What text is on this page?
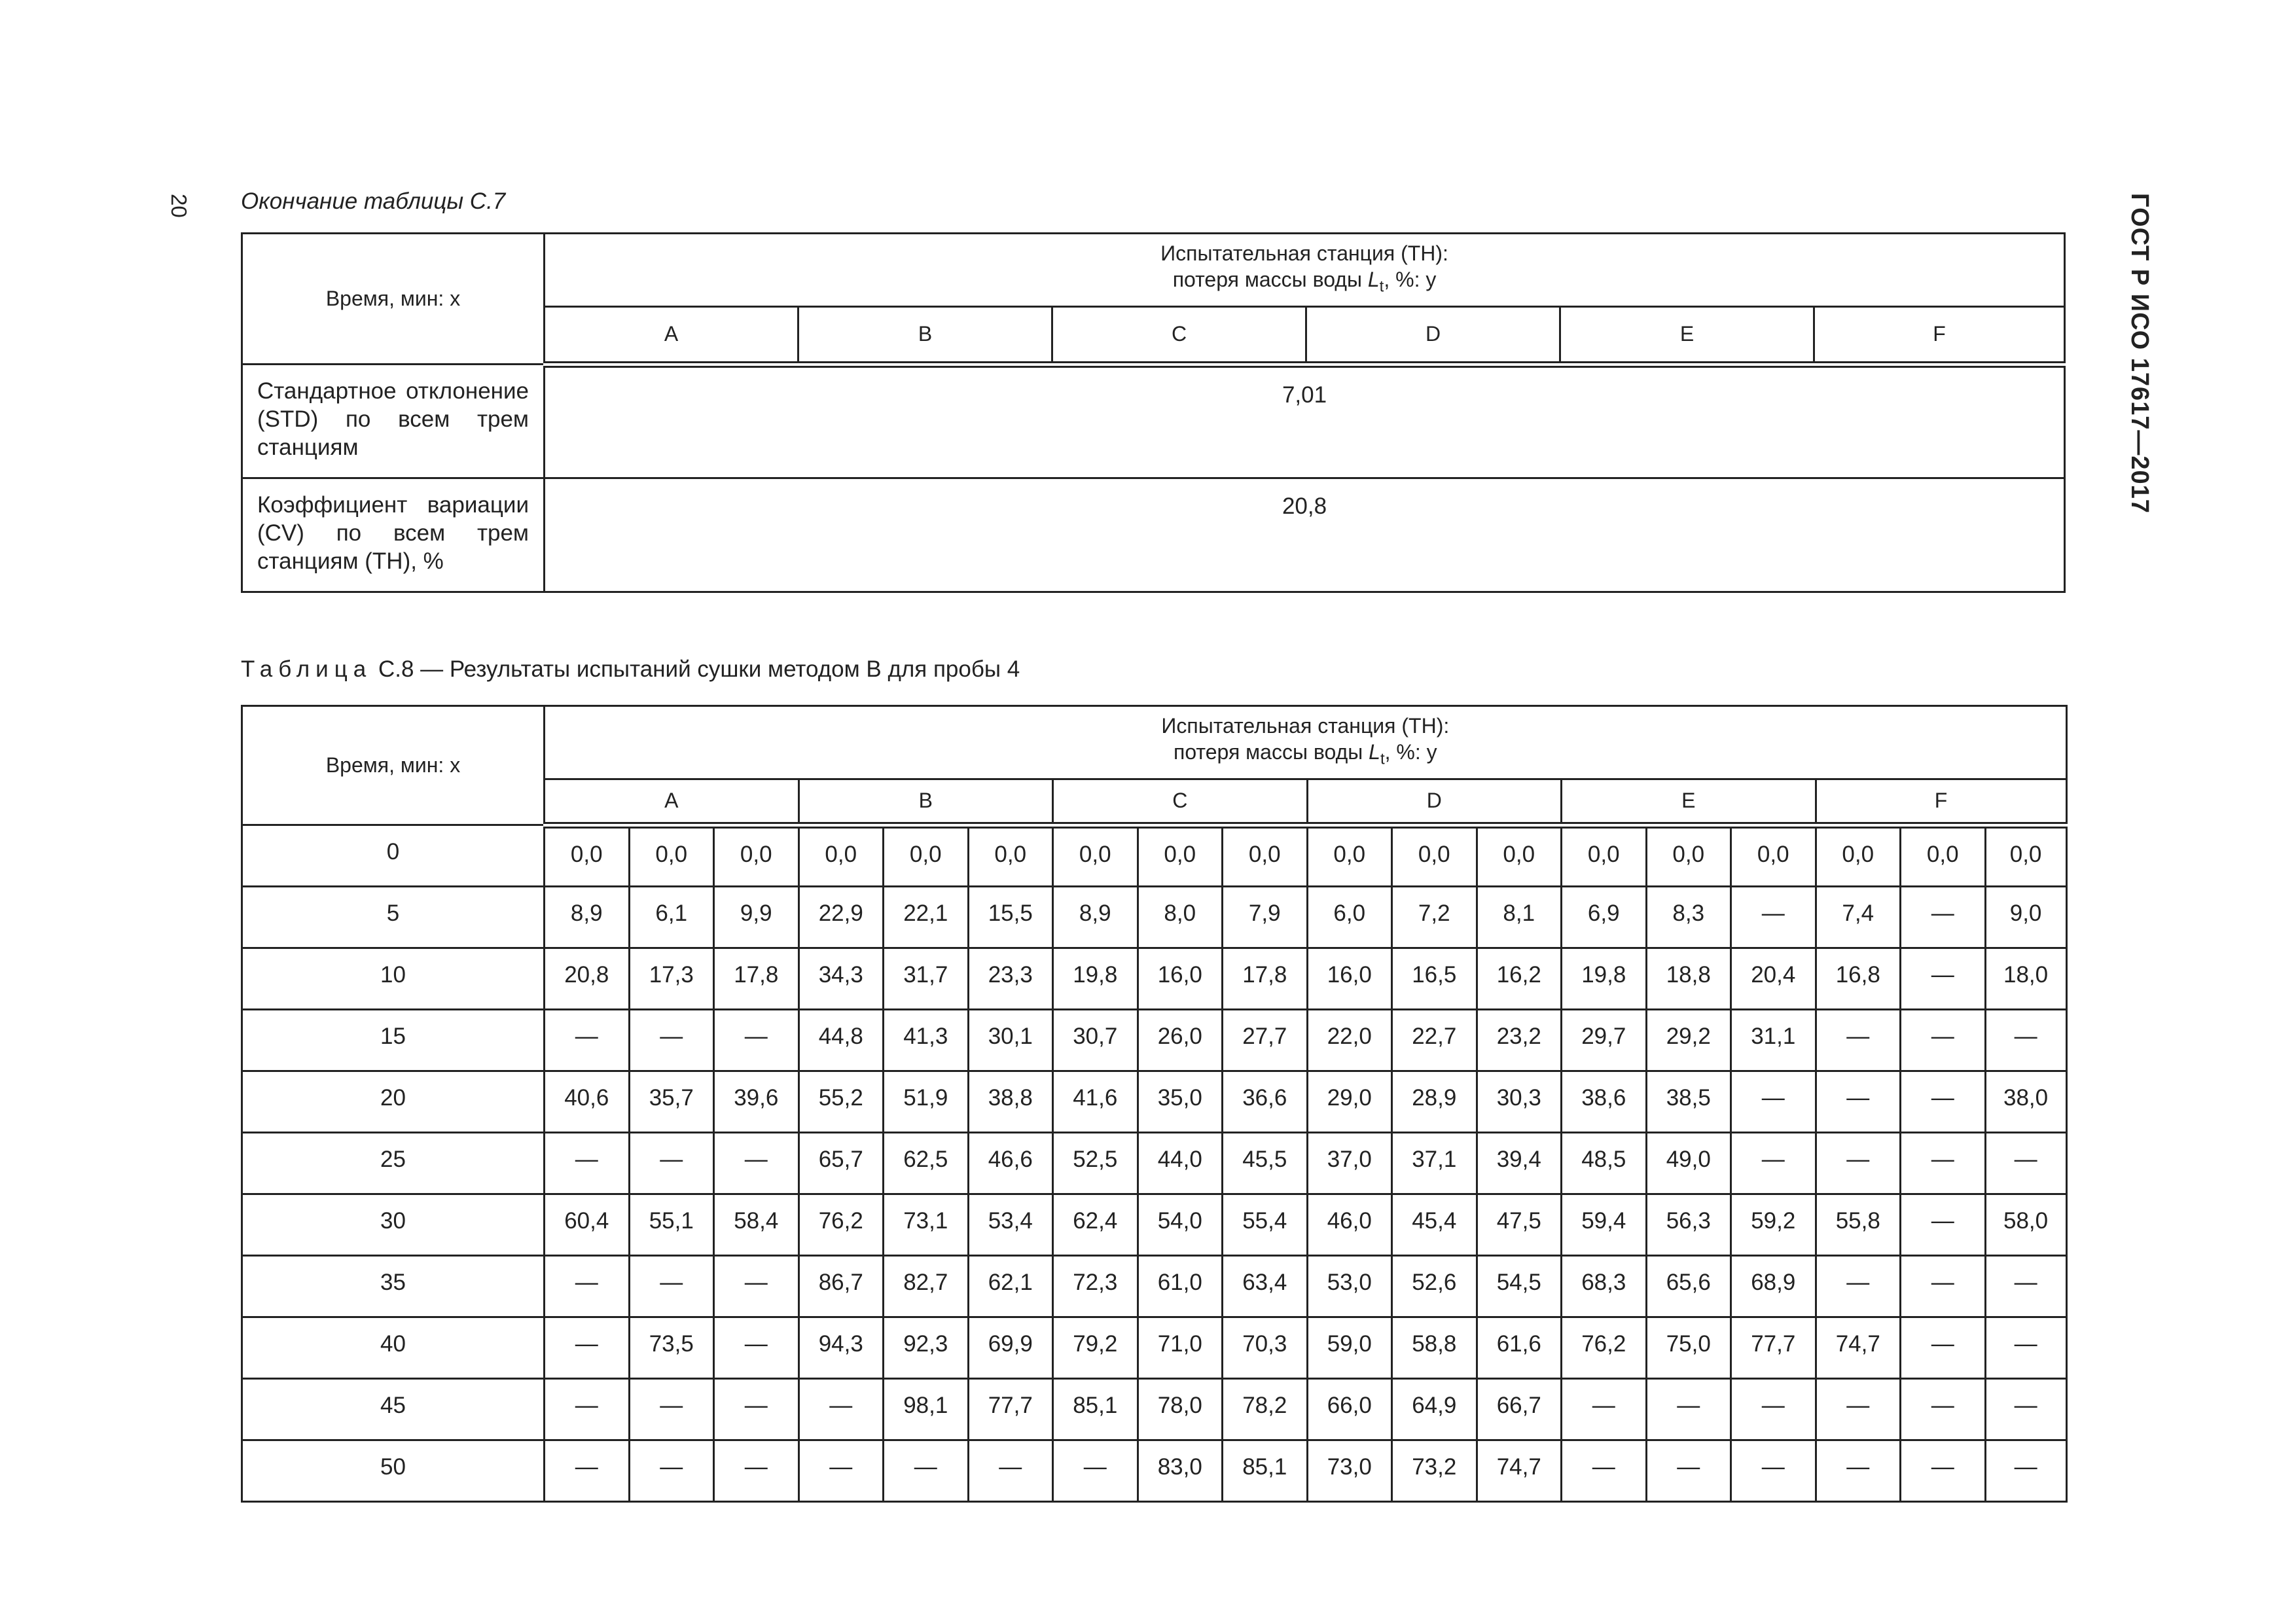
20	ГОСТ Р ИСО 17617—2017
Окончание таблицы С.7
Время, мин: х	Испытательная станция (ТН):
потеря массы воды $L_t$, %: у					
	A	B	C	D	E	F
Стандартное отклонение (STD) по всем трем станциям	7,01					
Коэффициент вариации (CV) по всем трем станциям (ТН), %	20,8					
Таблица С.8 — Результаты испытаний сушки методом В для пробы 4
Время, мин: х	Испытательная станция (ТН):
потеря массы воды $L_t$, %: у																	
	A			B			C			D			E			F		
0	0,0	0,0	0,0	0,0	0,0	0,0	0,0	0,0	0,0	0,0	0,0	0,0	0,0	0,0	0,0	0,0	0,0	0,0
5	8,9	6,1	9,9	22,9	22,1	15,5	8,9	8,0	7,9	6,0	7,2	8,1	6,9	8,3	—	7,4	—	9,0
10	20,8	17,3	17,8	34,3	31,7	23,3	19,8	16,0	17,8	16,0	16,5	16,2	19,8	18,8	20,4	16,8	—	18,0
15	—	—	—	44,8	41,3	30,1	30,7	26,0	27,7	22,0	22,7	23,2	29,7	29,2	31,1	—	—	—
20	40,6	35,7	39,6	55,2	51,9	38,8	41,6	35,0	36,6	29,0	28,9	30,3	38,6	38,5	—	—	—	38,0
25	—	—	—	65,7	62,5	46,6	52,5	44,0	45,5	37,0	37,1	39,4	48,5	49,0	—	—	—	—
30	60,4	55,1	58,4	76,2	73,1	53,4	62,4	54,0	55,4	46,0	45,4	47,5	59,4	56,3	59,2	55,8	—	58,0
35	—	—	—	86,7	82,7	62,1	72,3	61,0	63,4	53,0	52,6	54,5	68,3	65,6	68,9	—	—	—
40	—	73,5	—	94,3	92,3	69,9	79,2	71,0	70,3	59,0	58,8	61,6	76,2	75,0	77,7	74,7	—	—
45	—	—	—	—	98,1	77,7	85,1	78,0	78,2	66,0	64,9	66,7	—	—	—	—	—	—
50	—	—	—	—	—	—	—	83,0	85,1	73,0	73,2	74,7	—	—	—	—	—	—
